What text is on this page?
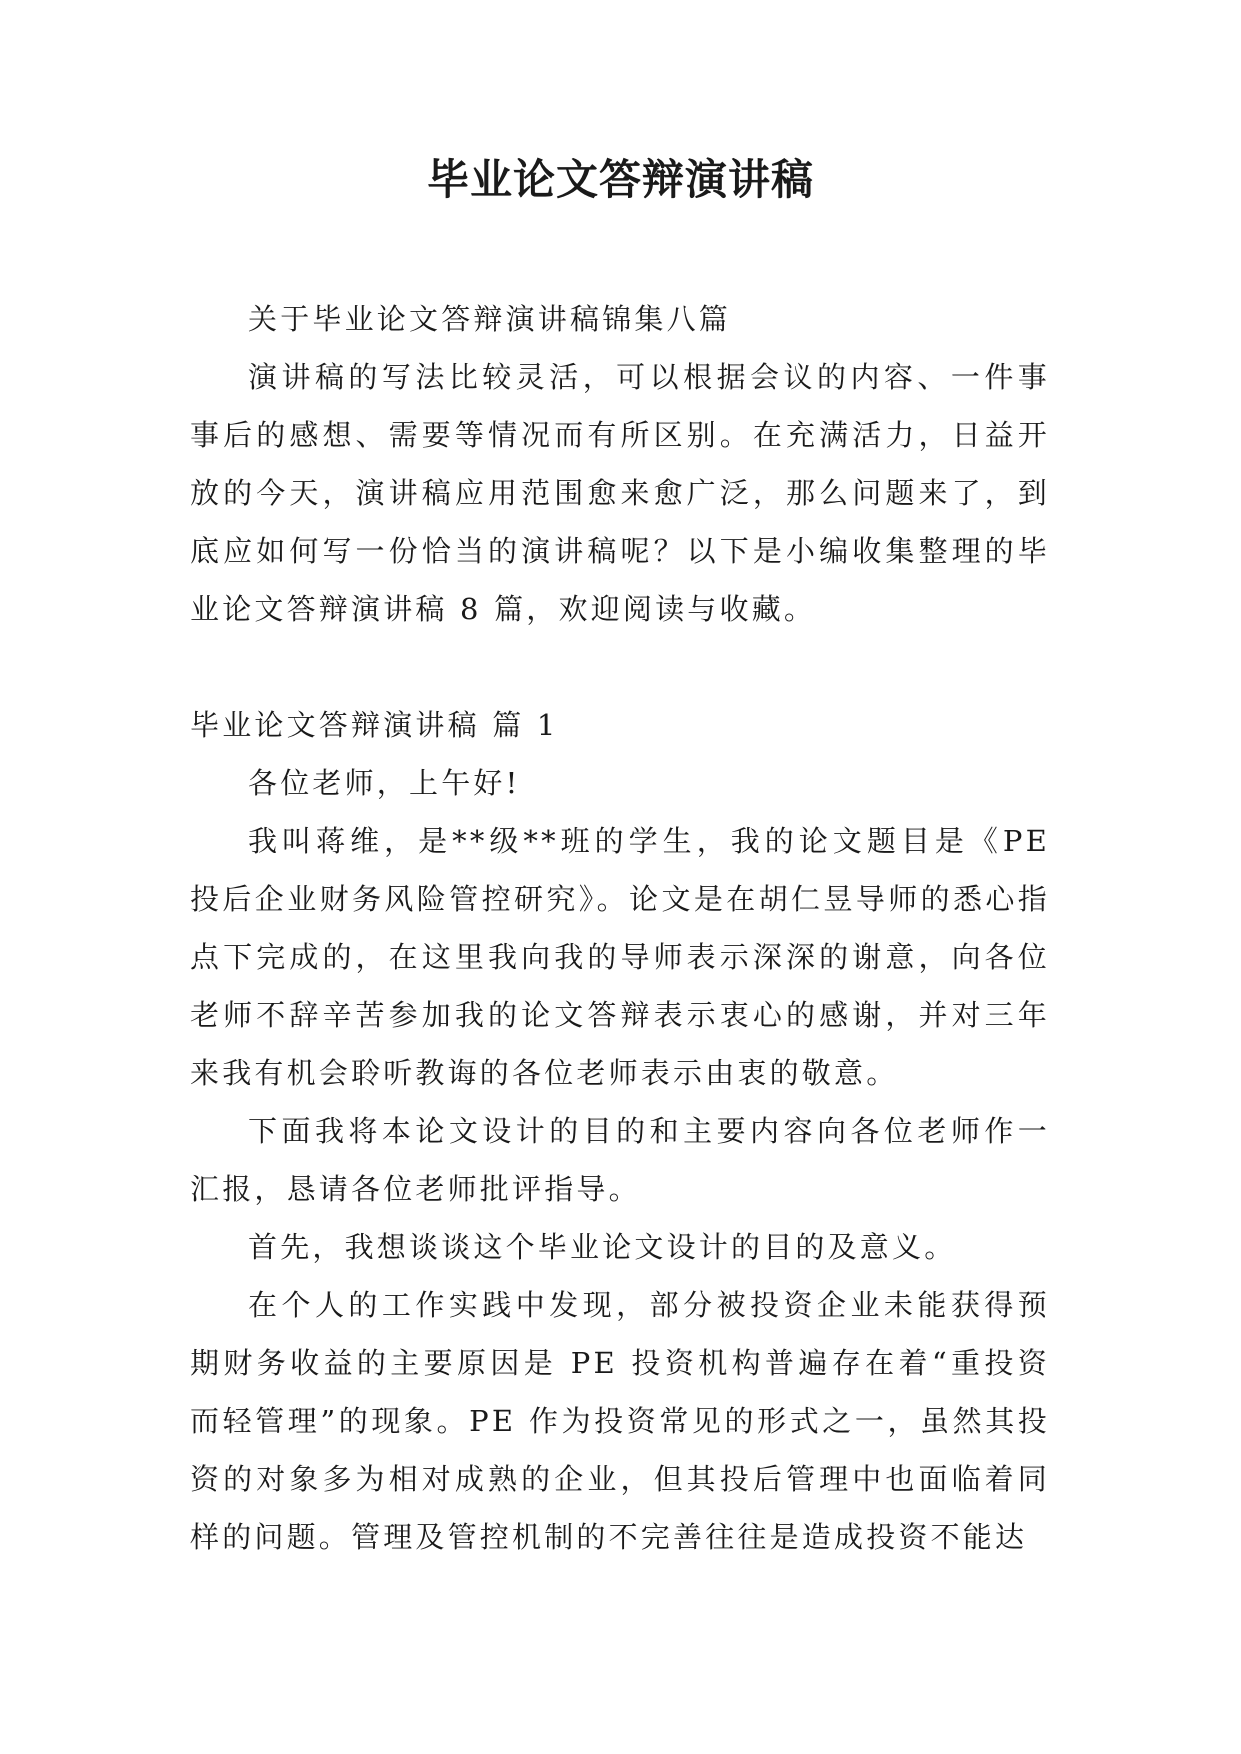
毕业论文答辩演讲稿

关于毕业论文答辩演讲稿锦集八篇

演讲稿的写法比较灵活，可以根据会议的内容、一件事事后的感想、需要等情况而有所区别。在充满活力，日益开放的今天，演讲稿应用范围愈来愈广泛，那么问题来了，到底应如何写一份恰当的演讲稿呢？以下是小编收集整理的毕业论文答辩演讲稿 8 篇，欢迎阅读与收藏。

毕业论文答辩演讲稿 篇 1

各位老师，上午好!

我叫蒋维，是**级**班的学生，我的论文题目是《PE 投后企业财务风险管控研究》。论文是在胡仁昱导师的悉心指点下完成的，在这里我向我的导师表示深深的谢意，向各位老师不辞辛苦参加我的论文答辩表示衷心的感谢，并对三年来我有机会聆听教诲的各位老师表示由衷的敬意。

下面我将本论文设计的目的和主要内容向各位老师作一汇报，恳请各位老师批评指导。

首先，我想谈谈这个毕业论文设计的目的及意义。

在个人的工作实践中发现，部分被投资企业未能获得预期财务收益的主要原因是 PE 投资机构普遍存在着“重投资而轻管理”的现象。PE 作为投资常见的形式之一，虽然其投资的对象多为相对成熟的企业，但其投后管理中也面临着同样的问题。管理及管控机制的不完善往往是造成投资不能达
